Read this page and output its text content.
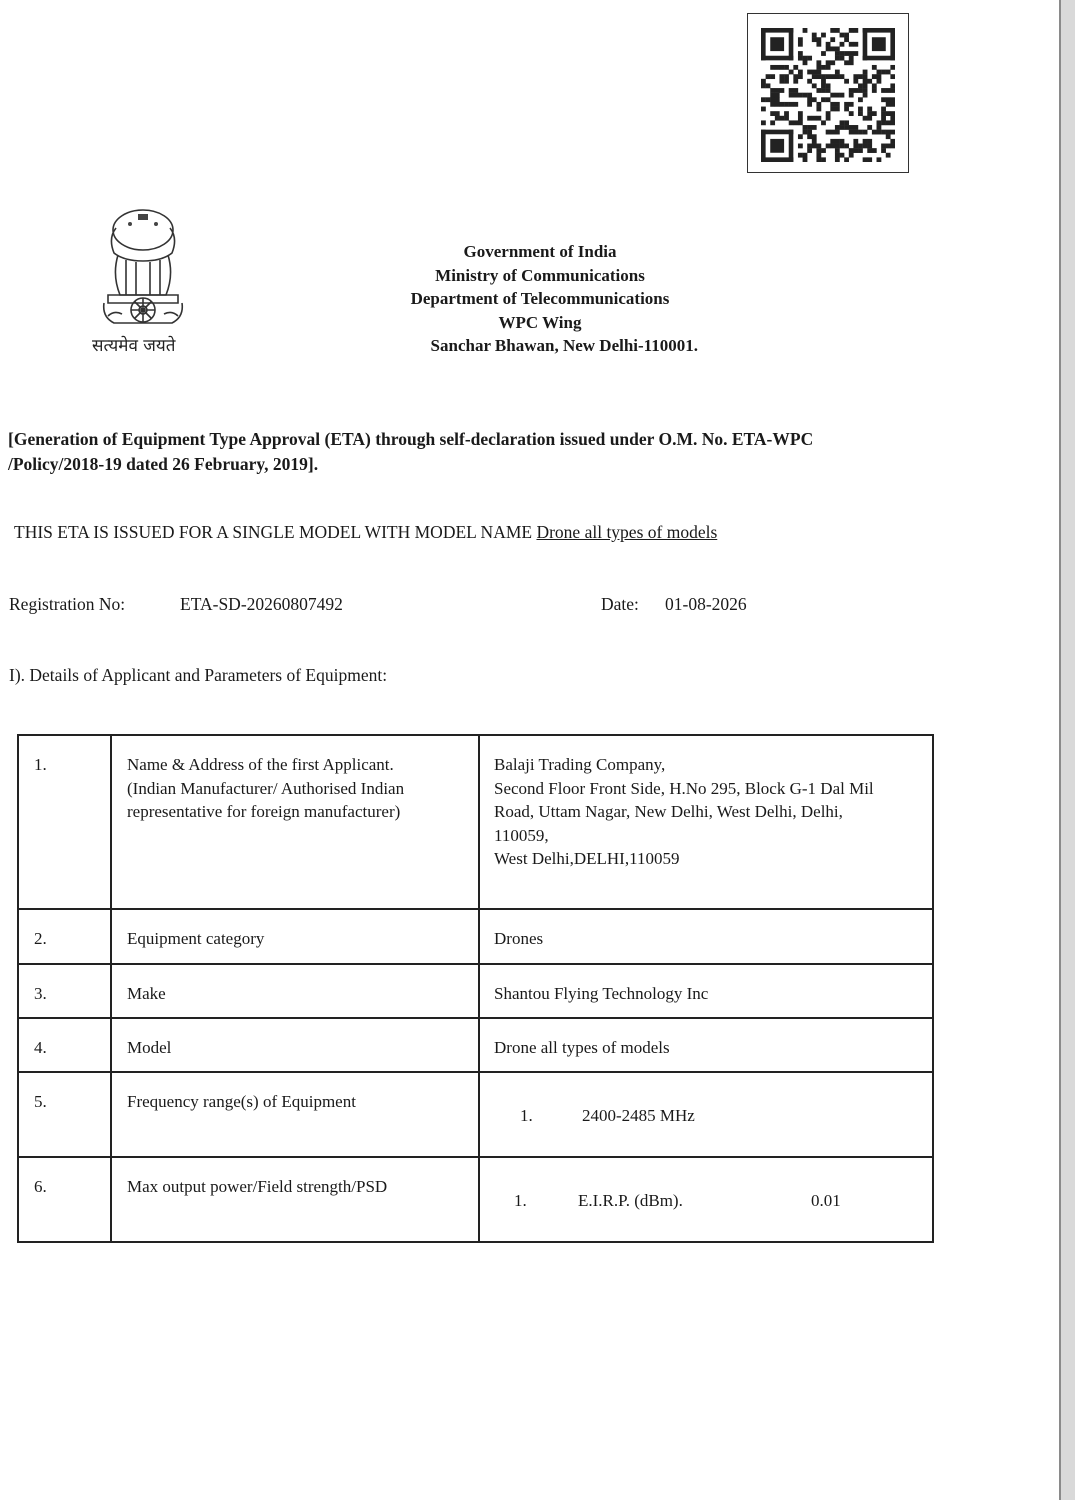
सत्यमेव जयते
Government of India
Ministry of Communications
Department of Telecommunications
WPC Wing
Sanchar Bhawan, New Delhi-110001.
[Generation of Equipment Type Approval (ETA) through self-declaration issued under O.M. No. ETA-WPC
/Policy/2018-19 dated 26 February, 2019].
THIS ETA IS ISSUED FOR A SINGLE MODEL WITH MODEL NAME Drone all types of models
Registration No:	ETA-SD-20260807492	Date: 01-08-2026
I). Details of Applicant and Parameters of Equipment:
1.	Name & Address of the first Applicant.
(Indian Manufacturer/ Authorised Indian
representative for foreign manufacturer)	Balaji Trading Company,
Second Floor Front Side, H.No 295, Block G-1 Dal Mil
Road, Uttam Nagar, New Delhi, West Delhi, Delhi,
110059,
West Delhi,DELHI,110059

2.	Equipment category	Drones

3.	Make	Shantou Flying Technology Inc

4.	Model	Drone all types of models

5.	Frequency range(s) of Equipment	1. 2400-2485 MHz

6.	Max output power/Field strength/PSD	1. E.I.R.P. (dBm). 0.01
